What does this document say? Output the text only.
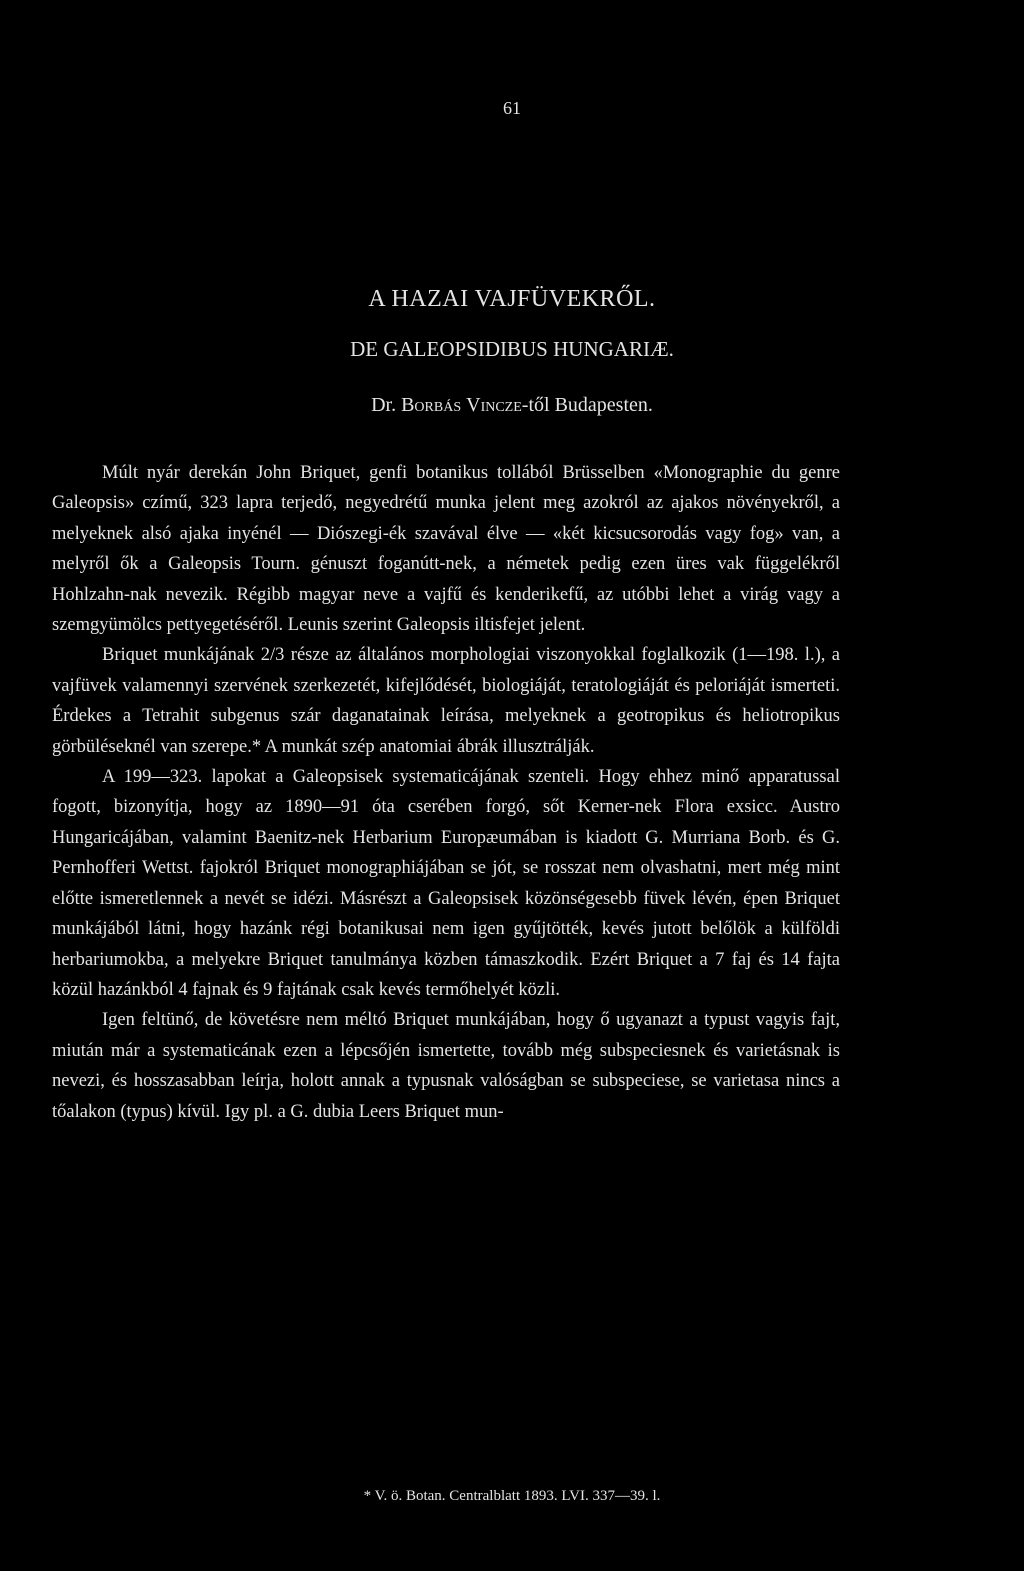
61
A HAZAI VAJFÜVEKRŐL.
DE GALEOPSIDIBUS HUNGARIÆ.
Dr. Borbás Vincze-től Budapesten.

Múlt nyár derekán John Briquet, genfi botanikus tollából Brüsselben «Monographie du genre Galeopsis» czímű, 323 lapra terjedő, negyedrétű munka jelent meg azokról az ajakos növényekről, a melyeknek alsó ajaka inyénél — Diószegi-ék szavával élve — «két kicsucsorodás vagy fog» van, a melyről ők a Galeopsis Tourn. génuszt foganútt-nek, a németek pedig ezen üres vak függelékről Hohlzahn-nak nevezik. Régibb magyar neve a vajfű és kenderikefű, az utóbbi lehet a virág vagy a szemgyümölcs pettyegetéséről. Leunis szerint Galeopsis iltisfejet jelent.

Briquet munkájának 2/3 része az általános morphologiai viszonyokkal foglalkozik (1—198. l.), a vajfüvek valamennyi szervének szerkezetét, kifejlődését, biologiáját, teratologiáját és peloriáját ismerteti. Érdekes a Tetrahit subgenus szár daganatainak leírása, melyeknek a geotropikus és heliotropikus görbüléseknél van szerepe.* A munkát szép anatomiai ábrák illusztrálják.

A 199—323. lapokat a Galeopsisek systematicájának szenteli. Hogy ehhez minő apparatussal fogott, bizonyítja, hogy az 1890—91 óta cserében forgó, sőt Kerner-nek Flora exsicc. Austro Hungaricájában, valamint Baenitz-nek Herbarium Europæumában is kiadott G. Murriana Borb. és G. Pernhofferi Wettst. fajokról Briquet monographiájában se jót, se rosszat nem olvashatni, mert még mint előtte ismeretlennek a nevét se idézi. Másrészt a Galeopsisek közönségesebb füvek lévén, épen Briquet munkájából látni, hogy hazánk régi botanikusai nem igen gyűjtötték, kevés jutott belőlök a külföldi herbariumokba, a melyekre Briquet tanulmánya közben támaszkodik. Ezért Briquet a 7 faj és 14 fajta közül hazánkból 4 fajnak és 9 fajtának csak kevés termőhelyét közli.

Igen feltünő, de követésre nem méltó Briquet munkájában, hogy ő ugyanazt a typust vagyis fajt, miután már a systematicának ezen a lépcsőjén ismertette, tovább még subspeciesnek és varietásnak is nevezi, és hosszasabban leírja, holott annak a typusnak valóságban se subspeciese, se varietasa nincs a tőalakon (typus) kívül. Igy pl. a G. dubia Leers Briquet mun-

* V. ö. Botan. Centralblatt 1893. LVI. 337—39. l.
